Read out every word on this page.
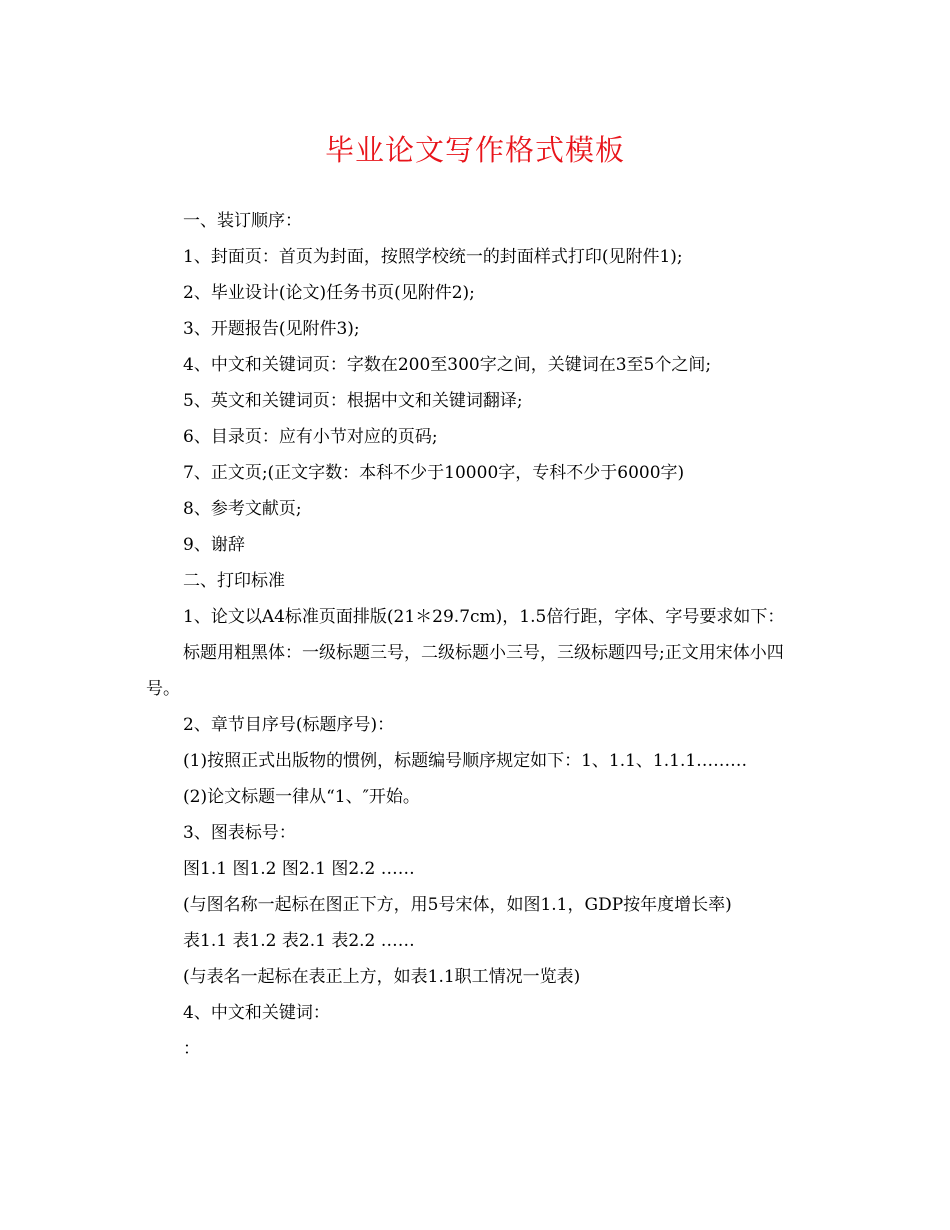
毕业论文写作格式模板

一、装订顺序：

1、封面页：首页为封面，按照学校统一的封面样式打印(见附件1);

2、毕业设计(论文)任务书页(见附件2);

3、开题报告(见附件3);

4、中文和关键词页：字数在200至300字之间，关键词在3至5个之间;

5、英文和关键词页：根据中文和关键词翻译;

6、目录页：应有小节对应的页码;

7、正文页;(正文字数：本科不少于10000字，专科不少于6000字)

8、参考文献页;

9、谢辞

二、打印标准

1、论文以A4标准页面排版(21＊29.7cm)，1.5倍行距，字体、字号要求如下：

标题用粗黑体：一级标题三号，二级标题小三号，三级标题四号;正文用宋体小四号。

2、章节目序号(标题序号)：

(1)按照正式出版物的惯例，标题编号顺序规定如下：1、1.1、1.1.1………

(2)论文标题一律从“1、″开始。

3、图表标号：

图1.1 图1.2 图2.1 图2.2 ……

(与图名称一起标在图正下方，用5号宋体，如图1.1，GDP按年度增长率)

表1.1 表1.2 表2.1 表2.2 ……

(与表名一起标在表正上方，如表1.1职工情况一览表)

4、中文和关键词：

：
